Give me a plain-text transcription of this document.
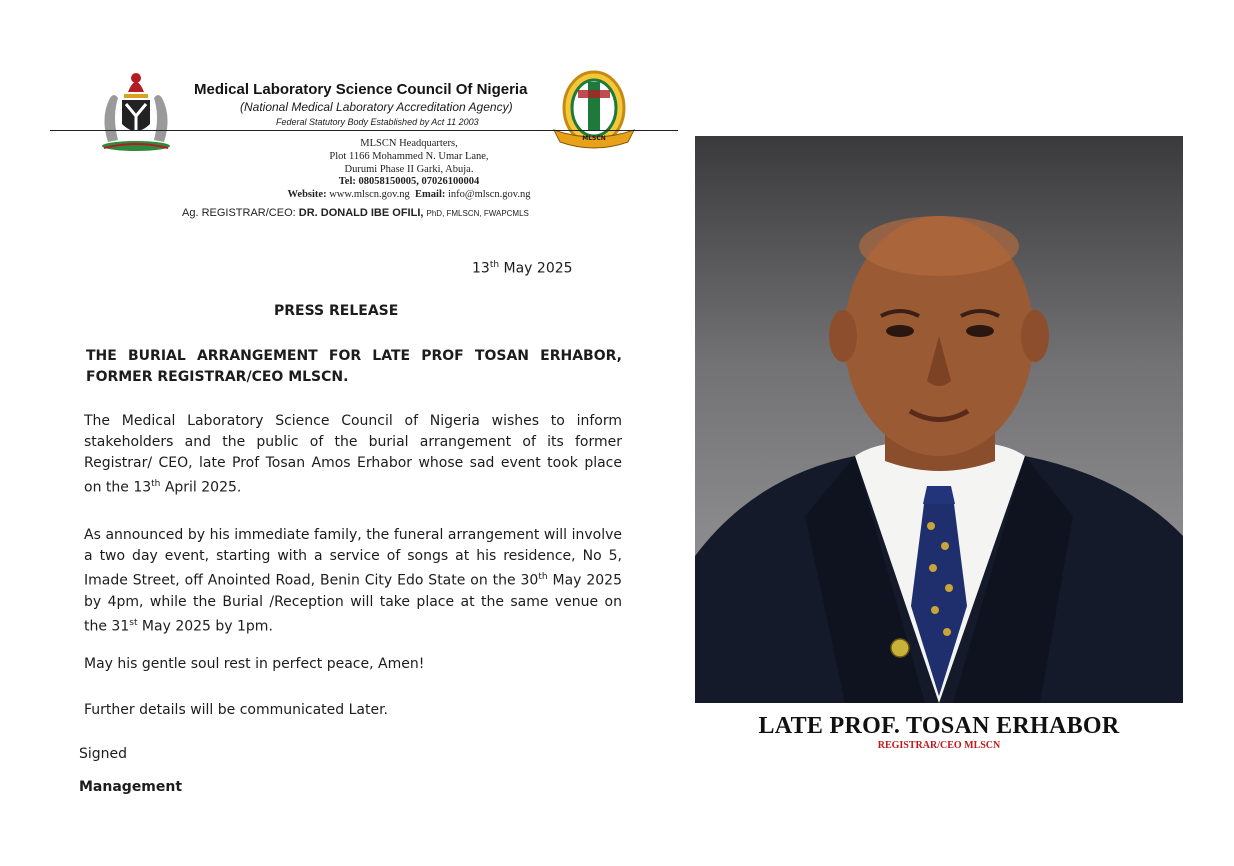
Medical Laboratory Science Council Of Nigeria
(National Medical Laboratory Accreditation Agency)
Federal Statutory Body Established by Act 11 2003
MLSCN
MLSCN Headquarters,
Plot 1166 Mohammed N. Umar Lane,
Durumi Phase II Garki, Abuja.
Tel: 08058150005, 07026100004
Website: www.mlscn.gov.ng Email: info@mlscn.gov.ng
Ag. REGISTRAR/CEO: DR. DONALD IBE OFILI, PhD, FMLSCN, FWAPCMLS
13th May 2025
PRESS RELEASE
THE BURIAL ARRANGEMENT FOR LATE PROF TOSAN ERHABOR, FORMER REGISTRAR/CEO MLSCN.
The Medical Laboratory Science Council of Nigeria wishes to inform stakeholders and the public of the burial arrangement of its former Registrar/ CEO, late Prof Tosan Amos Erhabor whose sad event took place on the 13th April 2025.
As announced by his immediate family, the funeral arrangement will involve a two day event, starting with a service of songs at his residence, No 5, Imade Street, off Anointed Road, Benin City Edo State on the 30th May 2025 by 4pm, while the Burial /Reception will take place at the same venue on the 31st May 2025 by 1pm.
May his gentle soul rest in perfect peace, Amen!
Further details will be communicated Later.
Signed
Management
LATE PROF. TOSAN ERHABOR
REGISTRAR/CEO MLSCN
